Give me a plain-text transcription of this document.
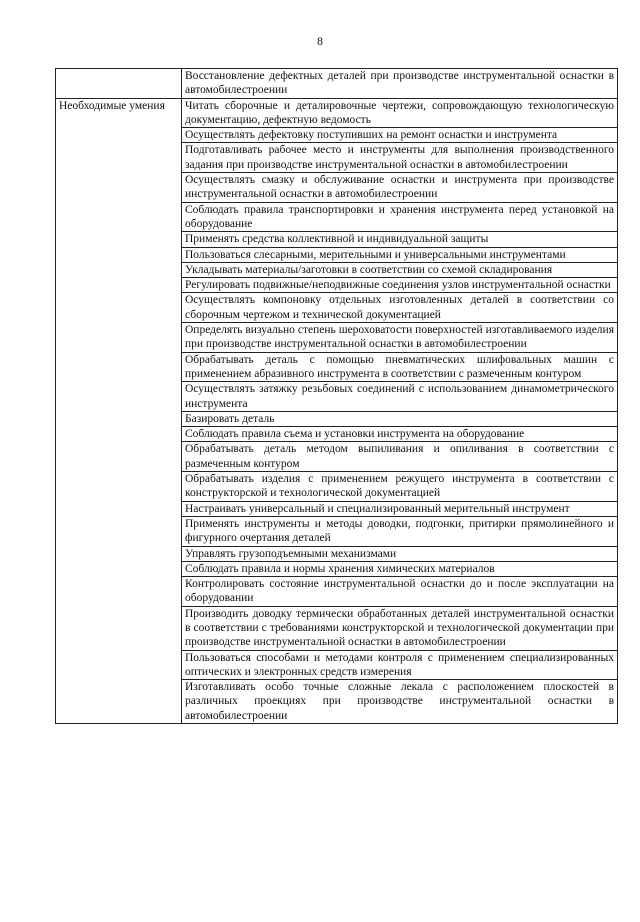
8
	Восстановление дефектных деталей при производстве инструментальной оснастки в автомобилестроении
Необходимые умения	Читать сборочные и деталировочные чертежи, сопровождающую технологическую документацию, дефектную ведомость
	Осуществлять дефектовку поступивших на ремонт оснастки и инструмента
	Подготавливать рабочее место и инструменты для выполнения производственного задания при производстве инструментальной оснастки в автомобилестроении
	Осуществлять смазку и обслуживание оснастки и инструмента при производстве инструментальной оснастки в автомобилестроении
	Соблюдать правила транспортировки и хранения инструмента перед установкой на оборудование
	Применять средства коллективной и индивидуальной защиты
	Пользоваться слесарными, мерительными и универсальными инструментами
	Укладывать материалы/заготовки в соответствии со схемой складирования
	Регулировать подвижные/неподвижные соединения узлов инструментальной оснастки
	Осуществлять компоновку отдельных изготовленных деталей в соответствии со сборочным чертежом и технической документацией
	Определять визуально степень шероховатости поверхностей изготавливаемого изделия при производстве инструментальной оснастки в автомобилестроении
	Обрабатывать деталь с помощью пневматических шлифовальных машин с применением абразивного инструмента в соответствии с размеченным контуром
	Осуществлять затяжку резьбовых соединений с использованием динамометрического инструмента
	Базировать деталь
	Соблюдать правила съема и установки инструмента на оборудование
	Обрабатывать деталь методом выпиливания и опиливания в соответствии с размеченным контуром
	Обрабатывать изделия с применением режущего инструмента в соответствии с конструкторской и технологической документацией
	Настраивать универсальный и специализированный мерительный инструмент
	Применять инструменты и методы доводки, подгонки, притирки прямолинейного и фигурного очертания деталей
	Управлять грузоподъемными механизмами
	Соблюдать правила и нормы хранения химических материалов
	Контролировать состояние инструментальной оснастки до и после эксплуатации на оборудовании
	Производить доводку термически обработанных деталей инструментальной оснастки в соответствии с требованиями конструкторской и технологической документации при производстве инструментальной оснастки в автомобилестроении
	Пользоваться способами и методами контроля с применением специализированных оптических и электронных средств измерения
	Изготавливать особо точные сложные лекала с расположением плоскостей в различных проекциях при производстве инструментальной оснастки в автомобилестроении
